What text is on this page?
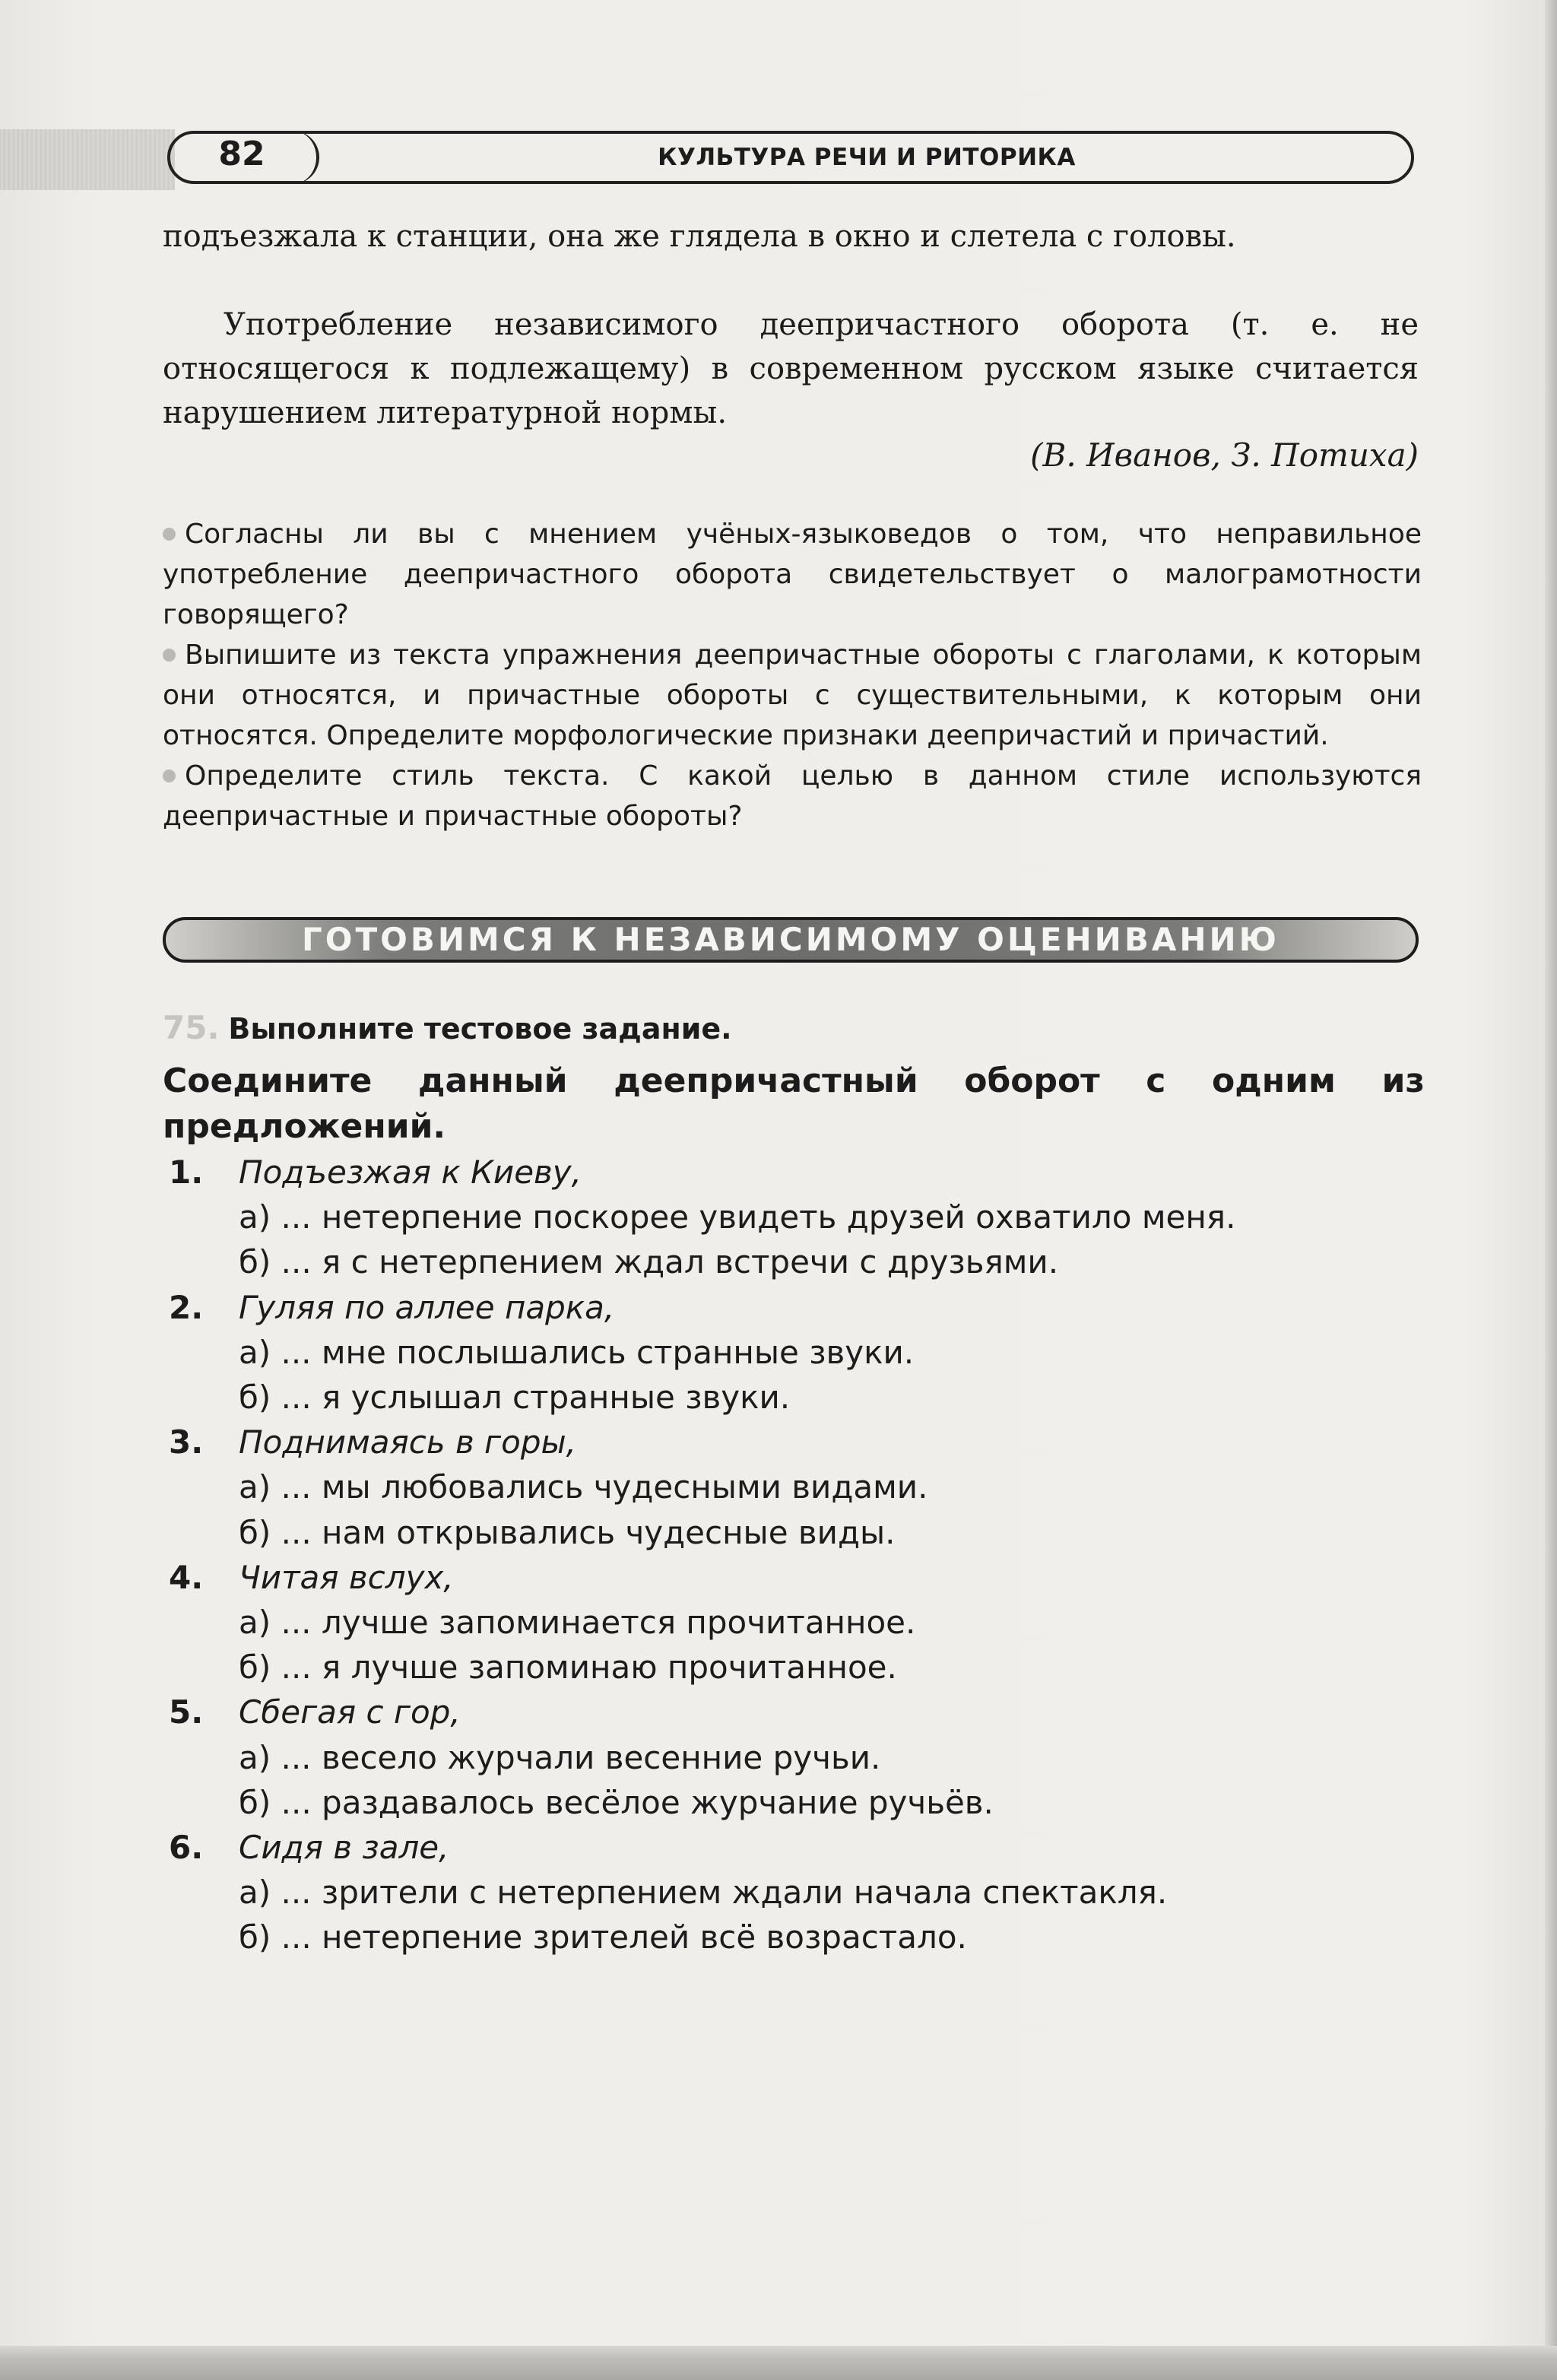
82	КУЛЬТУРА РЕЧИ И РИТОРИКА
подъезжала к станции, она же глядела в окно и слетела с головы.
Употребление независимого деепричастного оборота (т. е. не относящегося к подлежащему) в современном русском языке считается нарушением литературной нормы.
(В. Иванов, З. Потиха)

Согласны ли вы с мнением учёных-языковедов о том, что неправильное употребление деепричастного оборота свидетельствует о малограмотности говорящего?

Выпишите из текста упражнения деепричастные обороты с глаголами, к которым они относятся, и причастные обороты с существительными, к которым они относятся. Определите морфологические признаки деепричастий и причастий.

Определите стиль текста. С какой целью в данном стиле используются деепричастные и причастные обороты?

ГОТОВИМСЯ К НЕЗАВИСИМОМУ ОЦЕНИВАНИЮ
75. Выполните тестовое задание.
Соедините данный деепричастный оборот с одним из предложений.
1. Подъезжая к Киеву,
а) ... нетерпение поскорее увидеть друзей охватило меня.
б) ... я с нетерпением ждал встречи с друзьями.
2. Гуляя по аллее парка,
а) ... мне послышались странные звуки.
б) ... я услышал странные звуки.
3. Поднимаясь в горы,
а) ... мы любовались чудесными видами.
б) ... нам открывались чудесные виды.
4. Читая вслух,
а) ... лучше запоминается прочитанное.
б) ... я лучше запоминаю прочитанное.
5. Сбегая с гор,
а) ... весело журчали весенние ручьи.
б) ... раздавалось весёлое журчание ручьёв.
6. Сидя в зале,
а) ... зрители с нетерпением ждали начала спектакля.
б) ... нетерпение зрителей всё возрастало.
